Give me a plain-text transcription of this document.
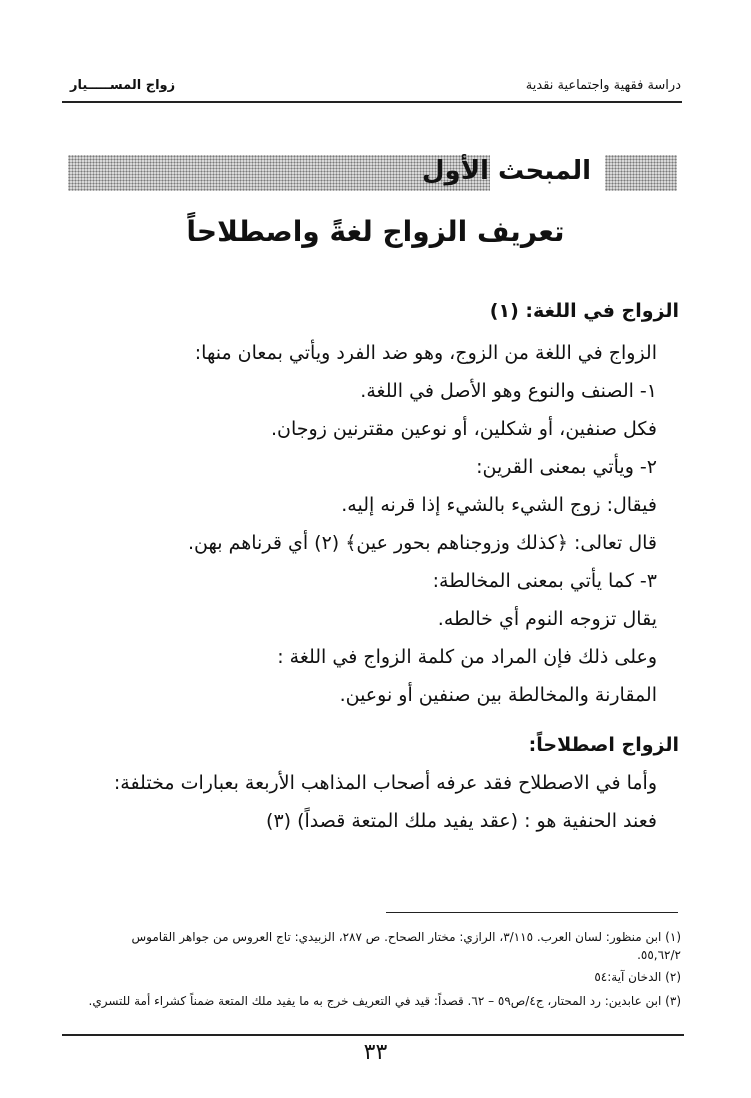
دراسة فقهية واجتماعية نقدية
زواج المســـــيار
المبحث الأول
تعريف الزواج لغةً واصطلاحاً
الزواج في اللغة: (١)
الزواج في اللغة من الزوج، وهو ضد الفرد ويأتي بمعان منها:
١- الصنف والنوع وهو الأصل في اللغة.
فكل صنفين، أو شكلين، أو نوعين مقترنين زوجان.
٢- ويأتي بمعنى القرين:
فيقال: زوج الشيء بالشيء إذا قرنه إليه.
قال تعالى: ﴿كذلك وزوجناهم بحور عين﴾ (٢) أي قرناهم بهن.
٣- كما يأتي بمعنى المخالطة:
يقال تزوجه النوم أي خالطه.
وعلى ذلك فإن المراد من كلمة الزواج في اللغة :
المقارنة والمخالطة بين صنفين أو نوعين.
الزواج اصطلاحاً:
وأما في الاصطلاح فقد عرفه أصحاب المذاهب الأربعة بعبارات مختلفة:
فعند الحنفية هو : (عقد يفيد ملك المتعة قصداً) (٣)
(١) ابن منظور: لسان العرب. ٣/١١٥، الرازي: مختار الصحاح. ص ٢٨٧، الزبيدي: تاج العروس من جواهر القاموس
٥٥,٦٢/٢.
(٢) الدخان آية:٥٤
(٣) ابن عابدين: رد المحتار، ج٤/ص٥٩ – ٦٢. قصداً: قيد في التعريف خرج به ما يفيد ملك المتعة ضمناً كشراء أمة للتسري.
٣٣
